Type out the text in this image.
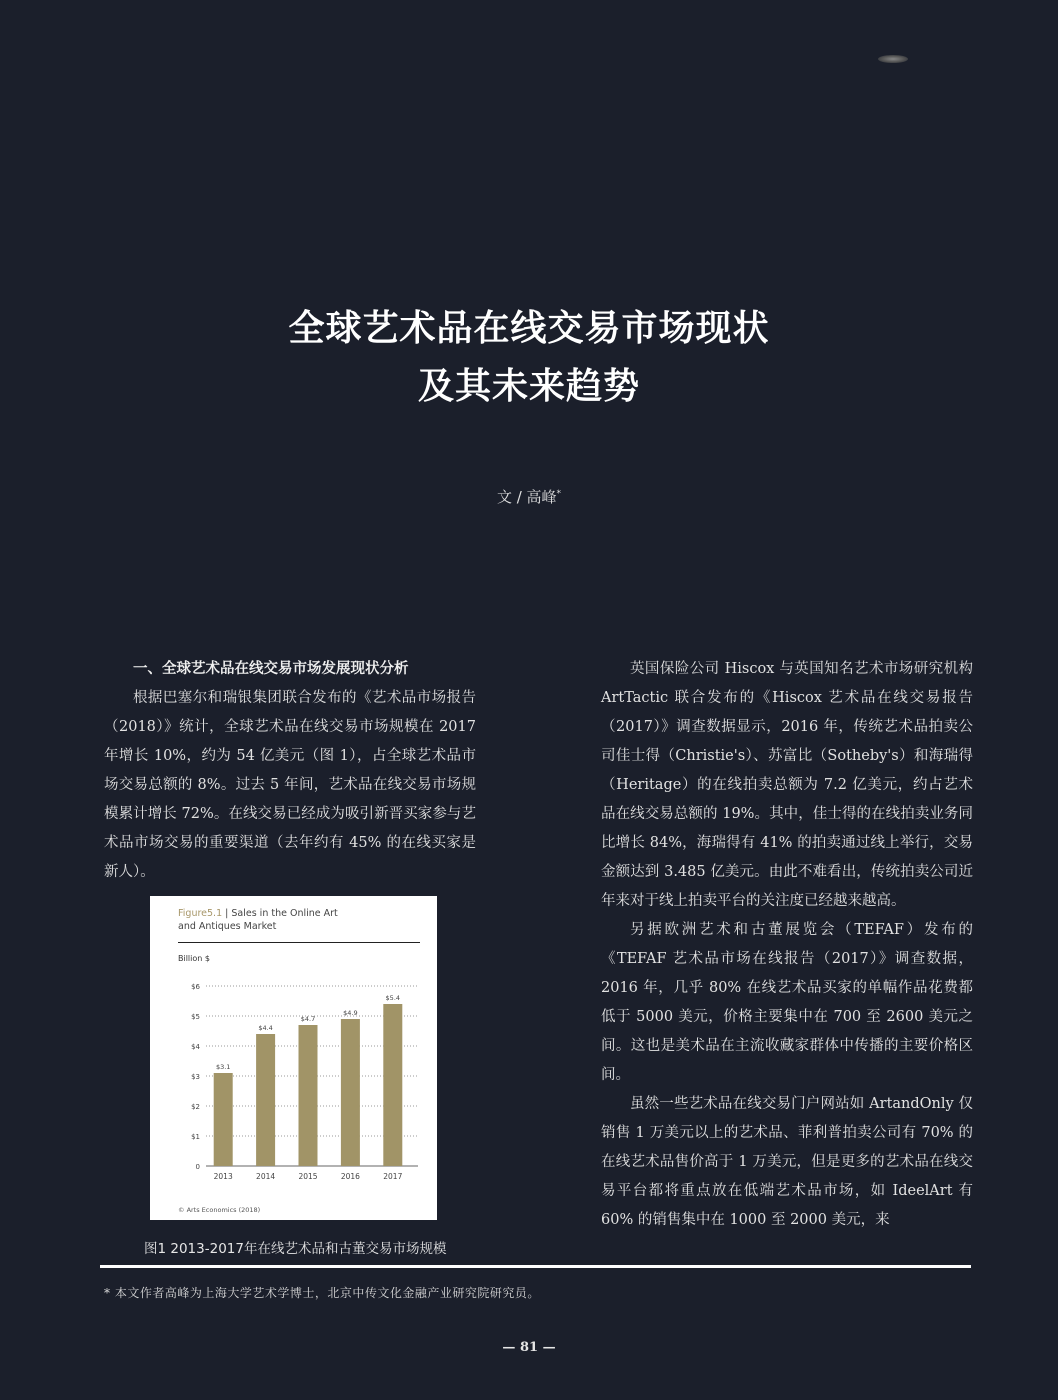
全球艺术品在线交易市场现状
及其未来趋势
文 / 高峰*
一、全球艺术品在线交易市场发展现状分析

根据巴塞尔和瑞银集团联合发布的《艺术品市场报告（2018）》统计，全球艺术品在线交易市场规模在 2017 年增长 10%，约为 54 亿美元（图 1），占全球艺术品市场交易总额的 8%。过去 5 年间，艺术品在线交易市场规模累计增长 72%。在线交易已经成为吸引新晋买家参与艺术品市场交易的重要渠道（去年约有 45% 的在线买家是新人）。

Figure5.1 | Sales in the Online Art
and Antiques Market
Billion $
0
$1
$2
$3
$4
$5
$6
$3.1
2013
$4.4
2014
$4.7
2015
$4.9
2016
$5.4
2017
© Arts Economics (2018)
图1 2013-2017年在线艺术品和古董交易市场规模

英国保险公司 Hiscox 与英国知名艺术市场研究机构 ArtTactic 联合发布的《Hiscox 艺术品在线交易报告（2017）》调查数据显示，2016 年，传统艺术品拍卖公司佳士得（Christie's）、苏富比（Sotheby's）和海瑞得（Heritage）的在线拍卖总额为 7.2 亿美元，约占艺术品在线交易总额的 19%。其中，佳士得的在线拍卖业务同比增长 84%，海瑞得有 41% 的拍卖通过线上举行，交易金额达到 3.485 亿美元。由此不难看出，传统拍卖公司近年来对于线上拍卖平台的关注度已经越来越高。

另据欧洲艺术和古董展览会（TEFAF）发布的《TEFAF 艺术品市场在线报告（2017）》调查数据，2016 年，几乎 80% 在线艺术品买家的单幅作品花费都低于 5000 美元，价格主要集中在 700 至 2600 美元之间。这也是美术品在主流收藏家群体中传播的主要价格区间。

虽然一些艺术品在线交易门户网站如 ArtandOnly 仅销售 1 万美元以上的艺术品、菲利普拍卖公司有 70% 的在线艺术品售价高于 1 万美元，但是更多的艺术品在线交易平台都将重点放在低端艺术品市场，如 IdeelArt 有 60% 的销售集中在 1000 至 2000 美元，来

* 本文作者高峰为上海大学艺术学博士，北京中传文化金融产业研究院研究员。
— 81 —
